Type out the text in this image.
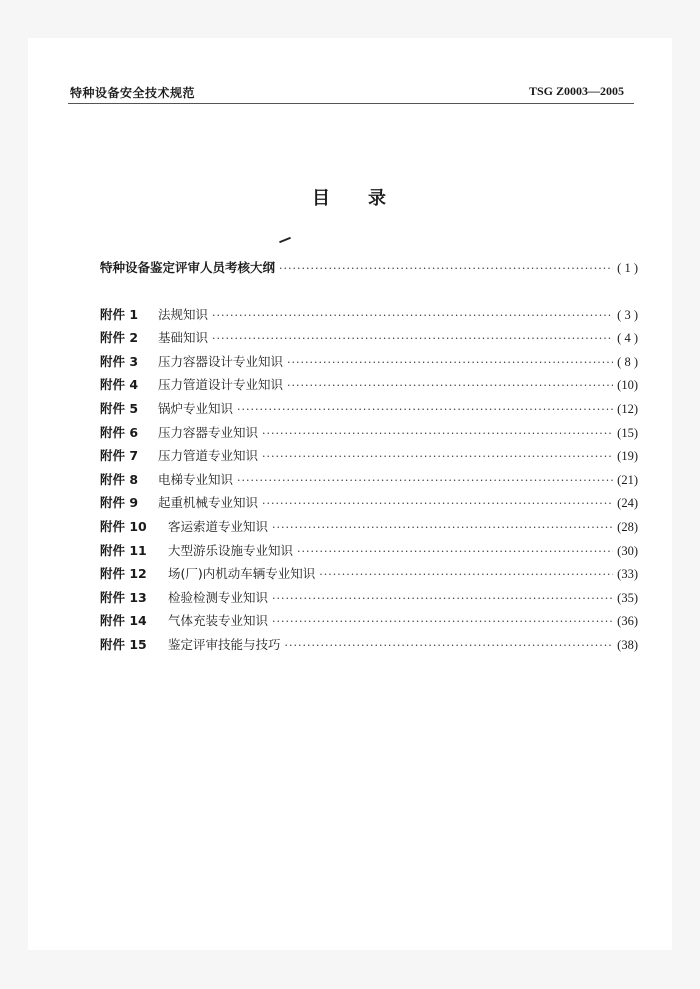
特种设备安全技术规范	TSG Z0003—2005
目录
特种设备鉴定评审人员考核大纲 ·····	( 1 )
附件 1	法规知识 ·····	( 3 )
附件 2	基础知识 ·····	( 4 )
附件 3	压力容器设计专业知识 ·····	( 8 )
附件 4	压力管道设计专业知识 ·····	(10)
附件 5	锅炉专业知识 ·····	(12)
附件 6	压力容器专业知识 ·····	(15)
附件 7	压力管道专业知识 ·····	(19)
附件 8	电梯专业知识 ·····	(21)
附件 9	起重机械专业知识 ·····	(24)
附件 10	客运索道专业知识 ·····	(28)
附件 11	大型游乐设施专业知识 ·····	(30)
附件 12	场(厂)内机动车辆专业知识 ·····	(33)
附件 13	检验检测专业知识 ·····	(35)
附件 14	气体充装专业知识 ·····	(36)
附件 15	鉴定评审技能与技巧 ·····	(38)
